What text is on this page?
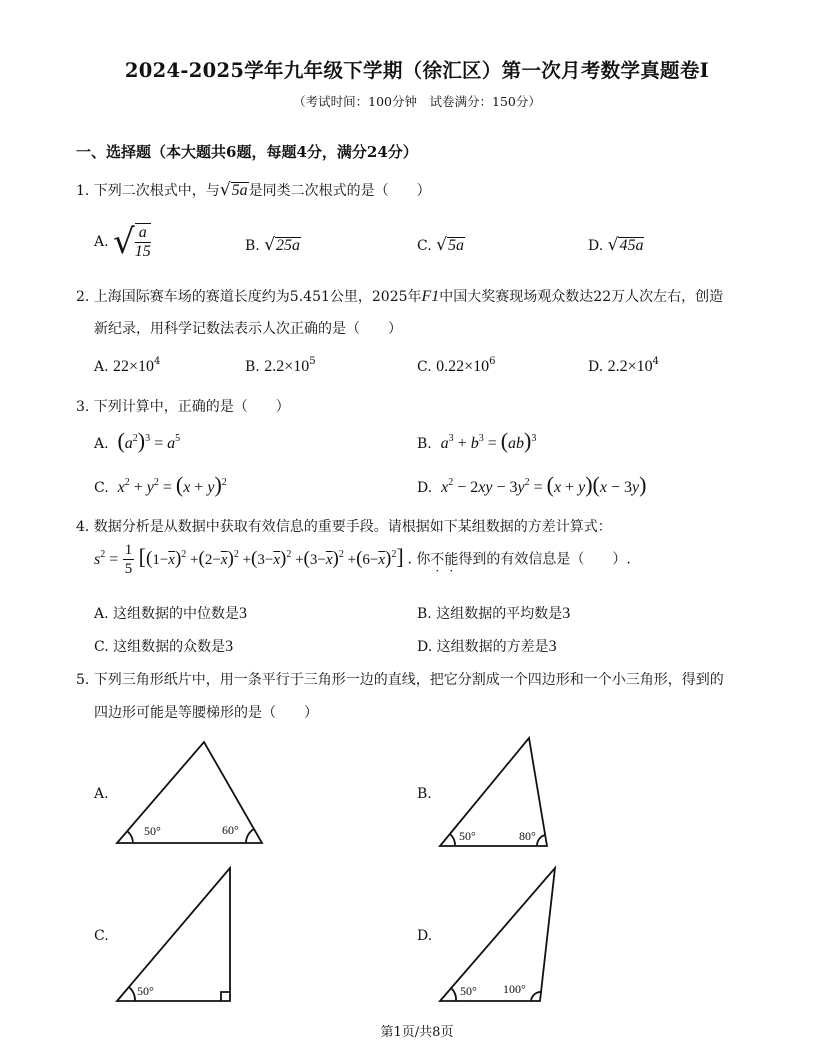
2024-2025学年九年级下学期（徐汇区）第一次月考数学真题卷Ⅰ
（考试时间：100分钟　试卷满分：150分）
一、选择题（本大题共6题，每题4分，满分24分）
1. 下列二次根式中，与√5a是同类二次根式的是（　　）
A. √ $\frac{a}{15}$	B. √25a	C. √5a	D. √45a
2. 上海国际赛车场的赛道长度约为5.451公里，2025年F1中国大奖赛现场观众数达22万人次左右，创造
新纪录，用科学记数法表示人次正确的是（　　）
A. $22\times 10^4$	B. $2.2\times 10^5$	C. $0.22\times 10^6$	D. $2.2\times 10^4$
3. 下列计算中，正确的是（　　）
A. $(a^2)^3 = a^5$	B. $a^3 + b^3 = (ab)^3$
C. $x^2 + y^2 = (x + y)^2$	D. $x^2 - 2xy - 3y^2 = (x + y)(x - 3y)$
4. 数据分析是从数据中获取有效信息的重要手段。请根据如下某组数据的方差计算式：
$s^2 = \frac{1}{5} [(1-\overline{x})^2 +(2-\overline{x})^2 +(3-\overline{x})^2 +(3-\overline{x})^2 +(6-\overline{x})^2]$ . 你不能得到的有效信息是（　　）.
A. 这组数据的中位数是3	B. 这组数据的平均数是3
C. 这组数据的众数是3	D. 这组数据的方差是3
5. 下列三角形纸片中，用一条平行于三角形一边的直线，把它分割成一个四边形和一个小三角形，得到的
四边形可能是等腰梯形的是（　　）
A.	B.
C.	D.
50°	60°	50°	80°
50°	50° 100°
第1页/共8页
